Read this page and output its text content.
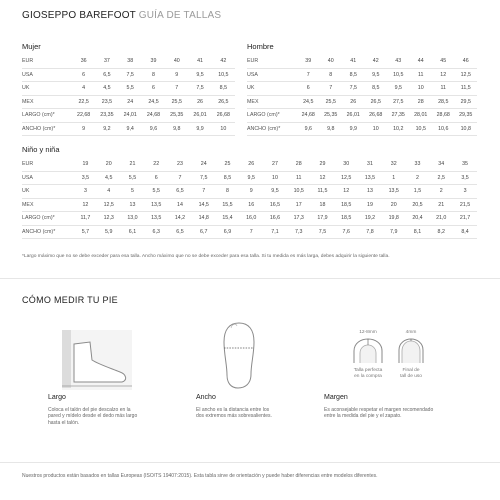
GIOSEPPO BAREFOOT GUÍA DE TALLAS
Mujer
EUR	36	37	38	39	40	41	42
USA	6	6,5	7,5	8	9	9,5	10,5
UK	4	4,5	5,5	6	7	7,5	8,5
MEX	22,5	23,5	24	24,5	25,5	26	26,5
LARGO (cm)*	22,68	23,35	24,01	24,68	25,35	26,01	26,68
ANCHO (cm)*	9	9,2	9,4	9,6	9,8	9,9	10
Hombre
EUR	39	40	41	42	43	44	45	46
USA	7	8	8,5	9,5	10,5	11	12	12,5
UK	6	7	7,5	8,5	9,5	10	11	11,5
MEX	24,5	25,5	26	26,5	27,5	28	28,5	29,5
LARGO (cm)*	24,68	25,35	26,01	26,68	27,35	28,01	28,68	29,35
ANCHO (cm)*	9,6	9,8	9,9	10	10,2	10,5	10,6	10,8
Niño y niña
EUR	19	20	21	22	23	24	25	26	27	28	29	30	31	32	33	34	35
USA	3,5	4,5	5,5	6	7	7,5	8,5	9,5	10	11	12	12,5	13,5	1	2	2,5	3,5
UK	3	4	5	5,5	6,5	7	8	9	9,5	10,5	11,5	12	13	13,5	1,5	2	3
MEX	12	12,5	13	13,5	14	14,5	15,5	16	16,5	17	18	18,5	19	20	20,5	21	21,5
LARGO (cm)*	11,7	12,3	13,0	13,5	14,2	14,8	15,4	16,0	16,6	17,3	17,9	18,5	19,2	19,8	20,4	21,0	21,7
ANCHO (cm)*	5,7	5,9	6,1	6,3	6,5	6,7	6,9	7	7,1	7,3	7,5	7,6	7,8	7,9	8,1	8,2	8,4
*Largo máximo que no se debe exceder para esa talla. Ancho máximo que no se debe exceder para esa talla. Si tu medida es más larga, debes adquirir la siguiente talla.
CÓMO MEDIR TU PIE
Largo
Coloca el talón del pie descalzo en la
pared y mídelo desde el dedo más largo
hasta el talón.
Ancho
El ancho es la distancia entre los
dos extremos más sobresalientes.
12-8mm	4mm
Talla perfecta
en la compra
Final de
tall de uso
Margen
Es aconsejable respetar el margen recomendado
entre la medida del pie y el zapato.
Nuestros productos están basados en tallas Europeas (ISO/TS 19407:2015). Esta tabla sirve de orientación y puede haber diferencias entre modelos diferentes.
